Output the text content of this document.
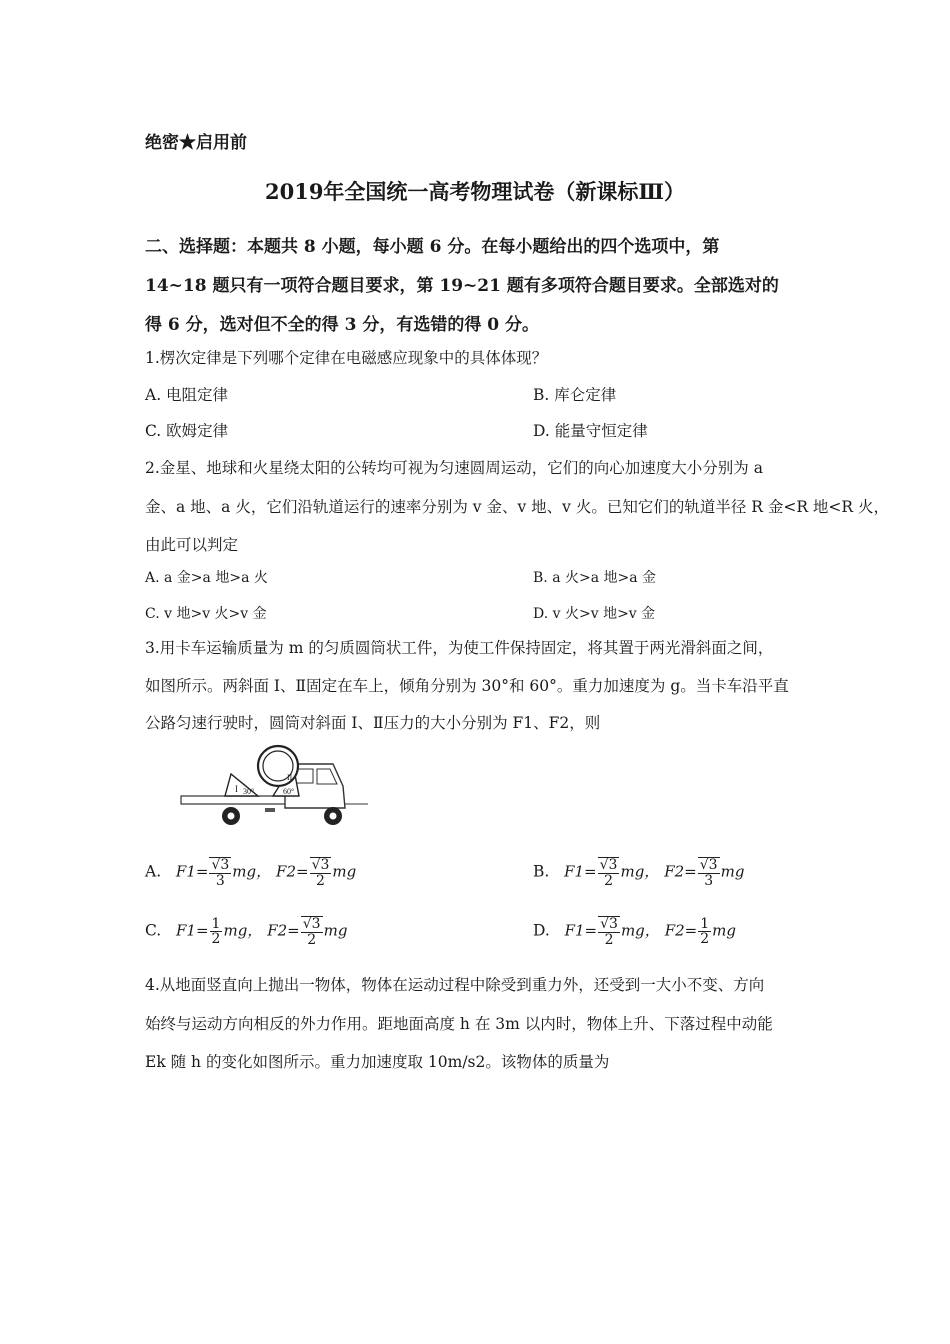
绝密★启用前
2019年全国统一高考物理试卷（新课标Ⅲ）
二、选择题：本题共 8 小题，每小题 6 分。在每小题给出的四个选项中，第
14~18 题只有一项符合题目要求，第 19~21 题有多项符合题目要求。全部选对的
得 6 分，选对但不全的得 3 分，有选错的得 0 分。
1.楞次定律是下列哪个定律在电磁感应现象中的具体体现？
A. 电阻定律	B. 库仑定律
C. 欧姆定律	D. 能量守恒定律
2.金星、地球和火星绕太阳的公转均可视为匀速圆周运动，它们的向心加速度大小分别为 a
金、a 地、a 火，它们沿轨道运行的速率分别为 v 金、v 地、v 火。已知它们的轨道半径 R 金<R 地<R 火，
由此可以判定
A. a 金>a 地>a 火	B. a 火>a 地>a 金
C. v 地>v 火>v 金	D. v 火>v 地>v 金
3.用卡车运输质量为 m 的匀质圆筒状工件，为使工件保持固定，将其置于两光滑斜面之间，
如图所示。两斜面 I、Ⅱ固定在车上，倾角分别为 30°和 60°。重力加速度为 g。当卡车沿平直
公路匀速行驶时，圆筒对斜面 I、Ⅱ压力的大小分别为 F1、F2，则
I
II
30°	60°
A. $F1= \frac{√3}{3}$ mg， $F2= \frac{√3}{2}$ mg	B. $F1= \frac{√3}{2}$ mg， $F2= \frac{√3}{3}$ mg
C. $F1= \frac{1}{2}$ mg， $F2= \frac{√3}{2}$ mg	D. $F1= \frac{√3}{2}$ mg， $F2= \frac{1}{2}$ mg
4.从地面竖直向上抛出一物体，物体在运动过程中除受到重力外，还受到一大小不变、方向
始终与运动方向相反的外力作用。距地面高度 h 在 3m 以内时，物体上升、下落过程中动能
Ek 随 h 的变化如图所示。重力加速度取 10m/s2。该物体的质量为
